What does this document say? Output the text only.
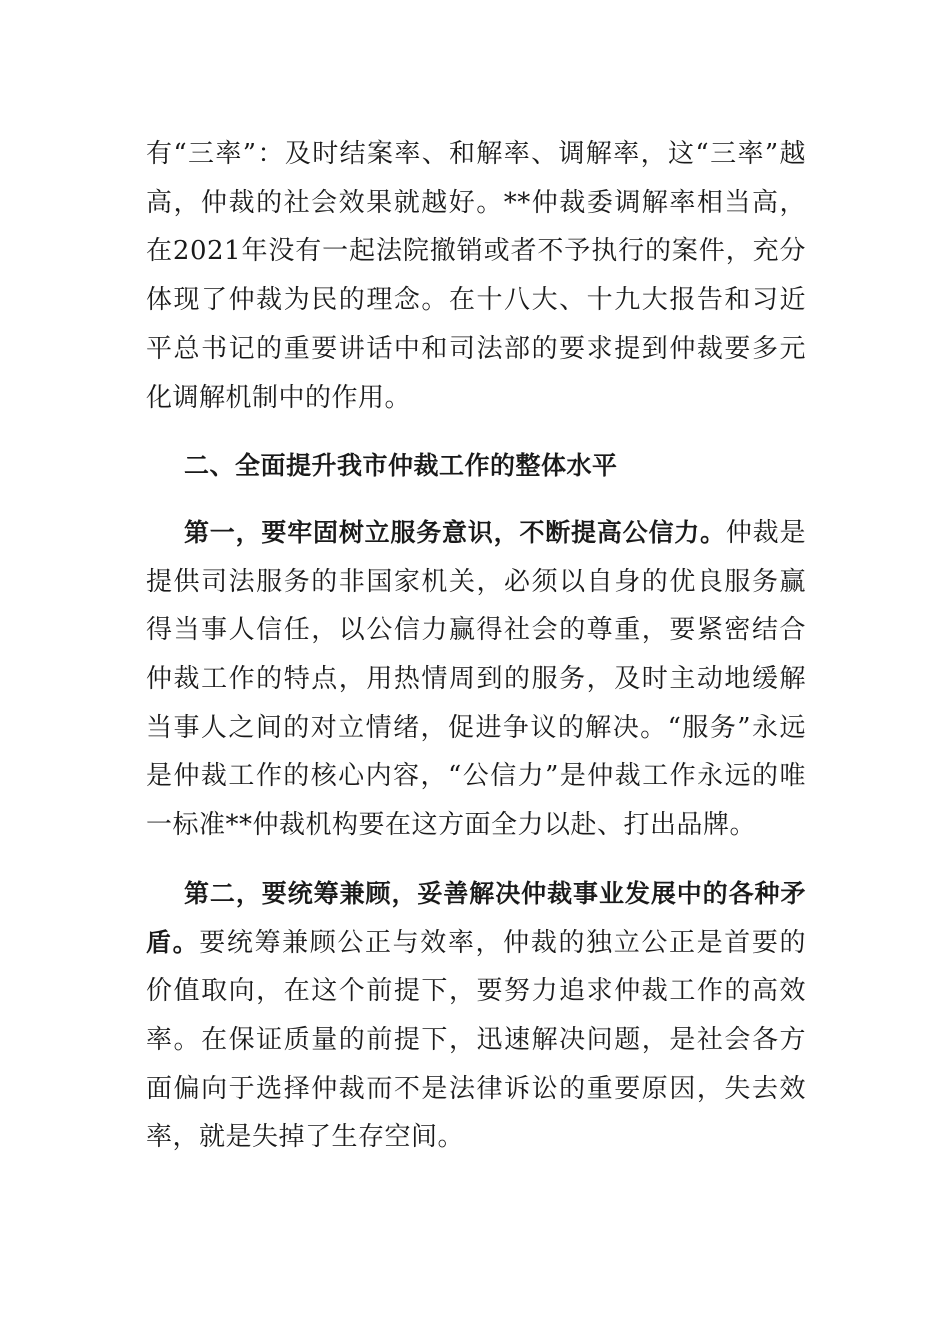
有“三率”：及时结案率、和解率、调解率，这“三率”越高，仲裁的社会效果就越好。**仲裁委调解率相当高，在2021年没有一起法院撤销或者不予执行的案件，充分体现了仲裁为民的理念。在十八大、十九大报告和习近平总书记的重要讲话中和司法部的要求提到仲裁要多元化调解机制中的作用。

二、全面提升我市仲裁工作的整体水平

第一，要牢固树立服务意识，不断提高公信力。仲裁是提供司法服务的非国家机关，必须以自身的优良服务赢得当事人信任，以公信力赢得社会的尊重，要紧密结合仲裁工作的特点，用热情周到的服务，及时主动地缓解当事人之间的对立情绪，促进争议的解决。“服务”永远是仲裁工作的核心内容，“公信力”是仲裁工作永远的唯一标准**仲裁机构要在这方面全力以赴、打出品牌。

第二，要统筹兼顾，妥善解决仲裁事业发展中的各种矛盾。要统筹兼顾公正与效率，仲裁的独立公正是首要的价值取向，在这个前提下，要努力追求仲裁工作的高效率。在保证质量的前提下，迅速解决问题，是社会各方面偏向于选择仲裁而不是法律诉讼的重要原因，失去效率，就是失掉了生存空间。
